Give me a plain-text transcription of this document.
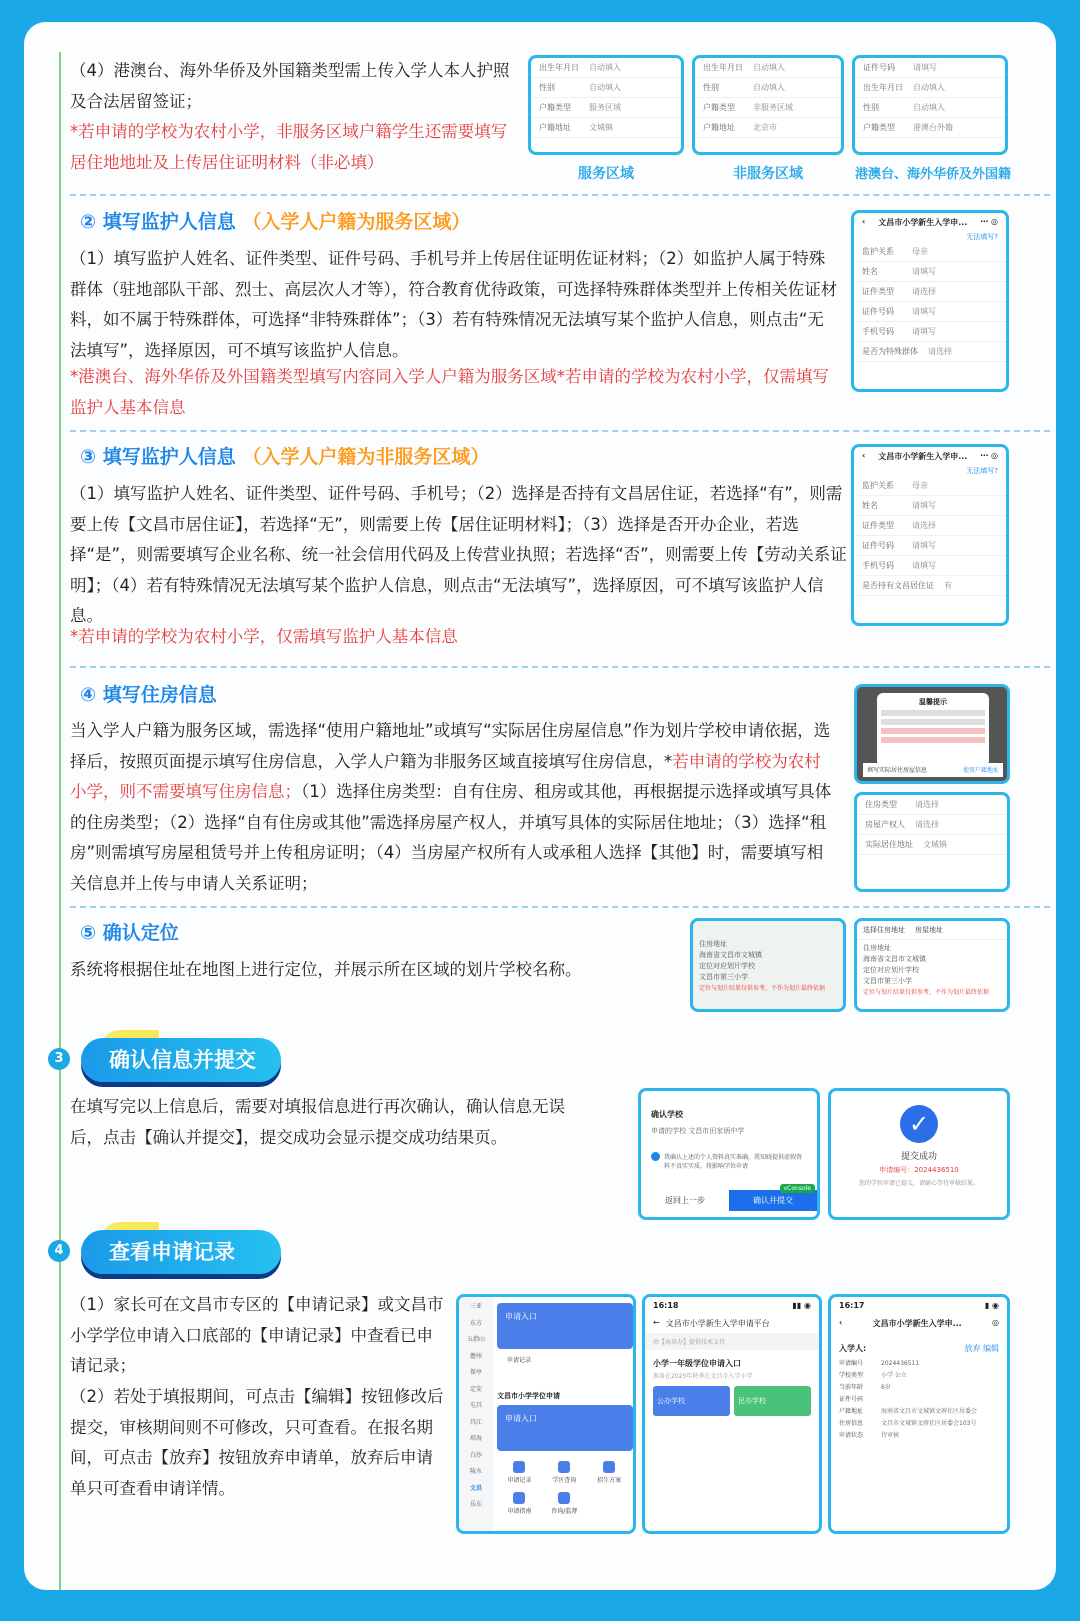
（4）港澳台、海外华侨及外国籍类型需上传入学人本人护照及合法居留签证；
*若申请的学校为农村小学，非服务区域户籍学生还需要填写居住地地址及上传居住证明材料（非必填）
出生年月日 自动填入
性别	自动填入
户籍类型	服务区域
户籍地址	文城镇
出生年月日 自动填入
性别	自动填入
户籍类型	非服务区域
户籍地址	北京市
证件号码	请填写
出生年月日 自动填入
性别	自动填入
户籍类型	港澳台外籍
服务区域	非服务区域	港澳台、海外华侨及外国籍
② 填写监护人信息 （入学人户籍为服务区域）
（1）填写监护人姓名、证件类型、证件号码、手机号并上传居住证明佐证材料；（2）如监护人属于特殊群体（驻地部队干部、烈士、高层次人才等），符合教育优待政策，可选择特殊群体类型并上传相关佐证材料，如不属于特殊群体，可选择“非特殊群体”；（3）若有特殊情况无法填写某个监护人信息，则点击“无法填写”，选择原因，可不填写该监护人信息。
*港澳台、海外华侨及外国籍类型填写内容同入学人户籍为服务区域*若申请的学校为农村小学，仅需填写监护人基本信息
‹ 文昌市小学新生入学申... ⋯ ◎
无法填写?
监护关系	母亲
姓名	请填写
证件类型	请选择
证件号码	请填写
手机号码	请填写
是否为特殊群体 请选择
③ 填写监护人信息 （入学人户籍为非服务区域）
（1）填写监护人姓名、证件类型、证件号码、手机号；（2）选择是否持有文昌居住证，若选择“有”，则需要上传【文昌市居住证】，若选择“无”，则需要上传【居住证明材料】；（3）选择是否开办企业，若选择“是”，则需要填写企业名称、统一社会信用代码及上传营业执照；若选择“否”，则需要上传【劳动关系证明】；（4）若有特殊情况无法填写某个监护人信息，则点击“无法填写”，选择原因，可不填写该监护人信息。
*若申请的学校为农村小学，仅需填写监护人基本信息
‹ 文昌市小学新生入学申... ⋯ ◎
无法填写?
监护关系	母亲
姓名	请填写
证件类型	请选择
证件号码	请填写
手机号码	请填写
是否持有文昌居住证 有
④ 填写住房信息
当入学人户籍为服务区域，需选择“使用户籍地址”或填写“实际居住房屋信息”作为划片学校申请依据，选择后，按照页面提示填写住房信息，入学人户籍为非服务区域直接填写住房信息，*若申请的学校为农村小学，则不需要填写住房信息；（1）选择住房类型：自有住房、租房或其他，再根据提示选择或填写具体的住房类型；（2）选择“自有住房或其他”需选择房屋产权人，并填写具体的实际居住地址；（3）选择“租房”则需填写房屋租赁号并上传租房证明；（4）当房屋产权所有人或承租人选择【其他】时，需要填写相关信息并上传与申请人关系证明；
温馨提示
填写实际居住房屋信息	使用户籍地址
住房类型	请选择
房屋产权人 请选择
实际居住地址 文城镇
⑤ 确认定位
系统将根据住址在地图上进行定位，并展示所在区域的划片学校名称。
住房地址
海南省文昌市文城镇
定位对应划片学校
文昌市第三小学
定位与划片结果仅供参考，不作为划片最终依据
选择住房地址 房屋地址
住房地址
海南省文昌市文城镇
定位对应划片学校
文昌市第三小学
定位与划片结果仅供参考，不作为划片最终依据
3	确认信息并提交
在填写完以上信息后，需要对填报信息进行再次确认，确认信息无误后，点击【确认并提交】，提交成功会显示提交成功结果页。
确认学校
申请的学校 文昌市田家炳中学
我确认上述的个人资料真实准确，我知晓提供虚假资料不真实实质，将影响学位申请
返回上一步	确认并提交
vConsole
✓
提交成功
申请编号：2024436510
您的学位申请已提交，请耐心等待审核结果。
4	查看申请记录
（1）家长可在文昌市专区的【申请记录】或文昌市小学学位申请入口底部的【申请记录】中查看已申请记录；
（2）若处于填报期间，可点击【编辑】按钮修改后提交，审核期间则不可修改，只可查看。在报名期间，可点击【放弃】按钮放弃申请单，放弃后申请单只可查看申请详情。
三亚
东方
五指山
儋州
保亭
定安
屯昌
昌江
琼海
白沙
陵水
文昌
乐东
申请入口
申请记录
文昌市小学学位申请
申请入口
申请记录	学区查询	招生方案
申请指南	咨询/监督
16:18	▮▮ ◉
← 文昌市小学新生入学申请平台
由【海易办】提供技术支持
小学一年级学位申请入口
准备在2025年秋季在文昌市入学小学
公办学校	民办学校
16:17	▮ ◉
‹	文昌市小学新生入学申...	◎
入学人:	放弃 编辑
申请编号	2024436511
学校类型	小学 公立
当前年龄	6岁
证件号码
户籍地址	海南省文昌市文城镇文府社区居委会
住房信息	文昌市文城镇文府社区居委会103号
申请状态	待审核
